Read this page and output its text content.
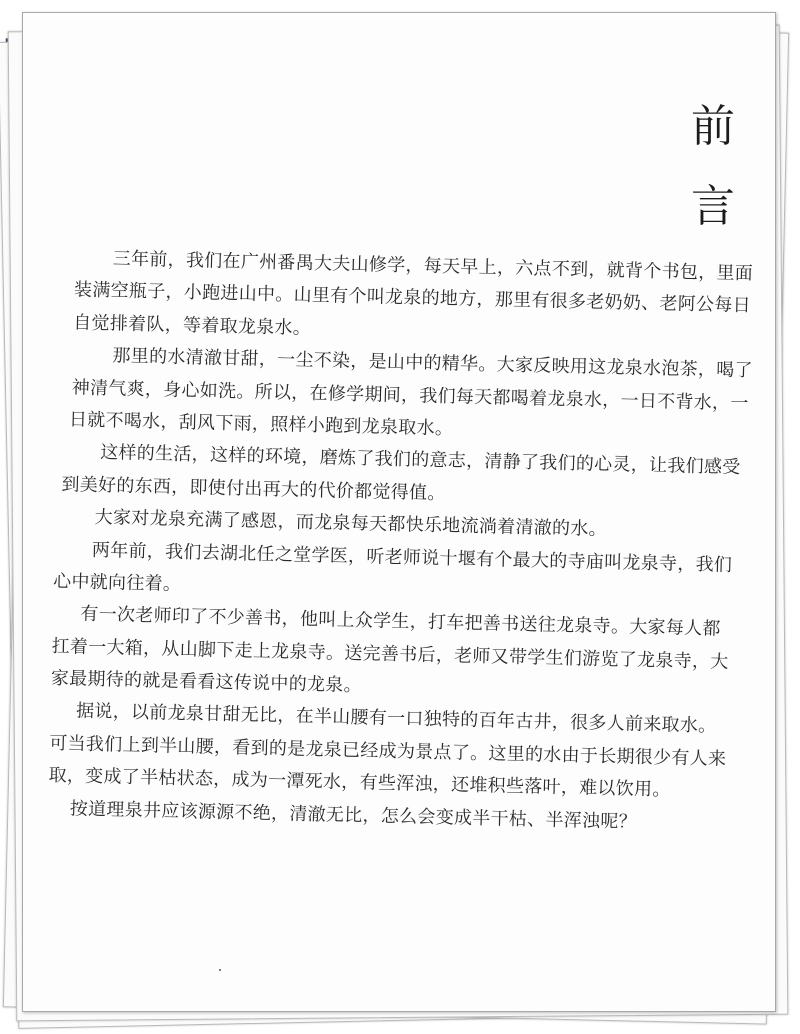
前
言
三年前，我们在广州番禺大夫山修学，每天早上，六点不到，就背个书包，里面
装满空瓶子，小跑进山中。山里有个叫龙泉的地方，那里有很多老奶奶、老阿公每日
自觉排着队，等着取龙泉水。
那里的水清澈甘甜，一尘不染，是山中的精华。大家反映用这龙泉水泡茶，喝了
神清气爽，身心如洗。所以，在修学期间，我们每天都喝着龙泉水，一日不背水，一
日就不喝水，刮风下雨，照样小跑到龙泉取水。
这样的生活，这样的环境，磨炼了我们的意志，清静了我们的心灵，让我们感受
到美好的东西，即使付出再大的代价都觉得值。
大家对龙泉充满了感恩，而龙泉每天都快乐地流淌着清澈的水。
两年前，我们去湖北任之堂学医，听老师说十堰有个最大的寺庙叫龙泉寺，我们
心中就向往着。
有一次老师印了不少善书，他叫上众学生，打车把善书送往龙泉寺。大家每人都
扛着一大箱，从山脚下走上龙泉寺。送完善书后，老师又带学生们游览了龙泉寺，大
家最期待的就是看看这传说中的龙泉。
据说，以前龙泉甘甜无比，在半山腰有一口独特的百年古井，很多人前来取水。
可当我们上到半山腰，看到的是龙泉已经成为景点了。这里的水由于长期很少有人来
取，变成了半枯状态，成为一潭死水，有些浑浊，还堆积些落叶，难以饮用。
按道理泉井应该源源不绝，清澈无比，怎么会变成半干枯、半浑浊呢？
